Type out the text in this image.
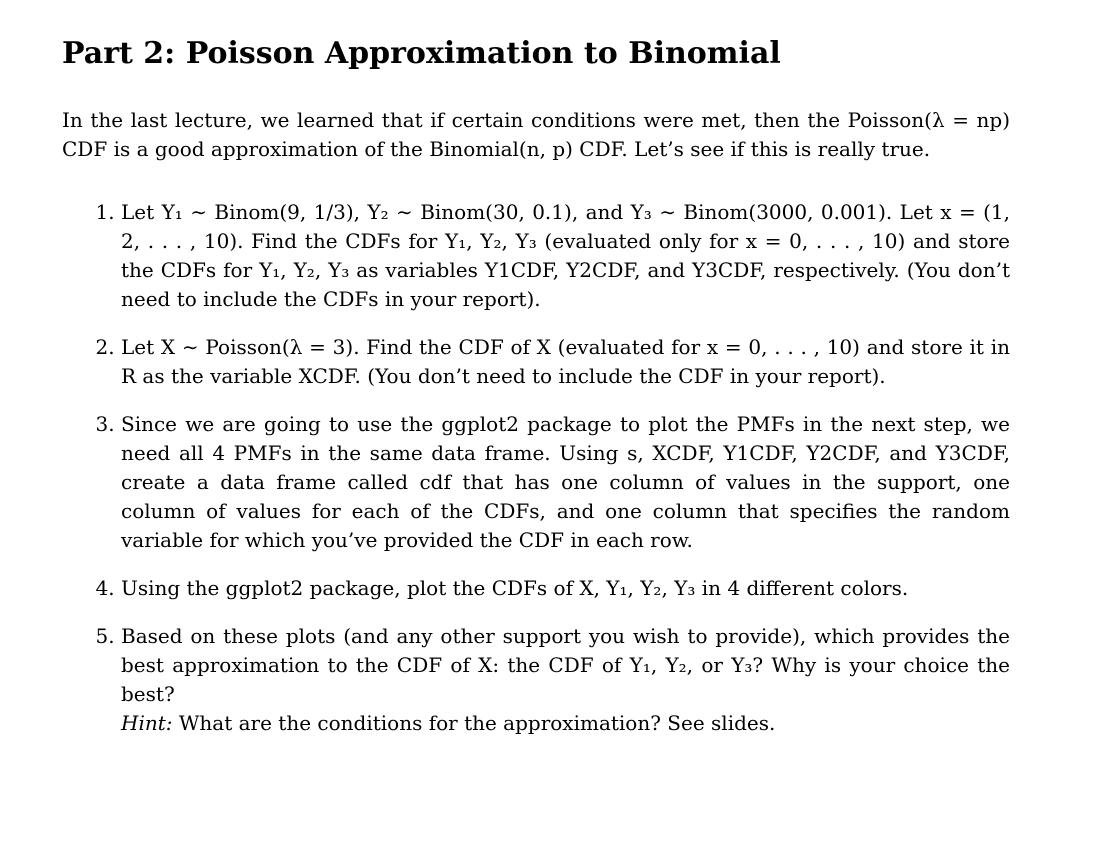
Part 2: Poisson Approximation to Binomial

In the last lecture, we learned that if certain conditions were met, then the Poisson(λ = np) CDF is a good approximation of the Binomial(n, p) CDF. Let’s see if this is really true.

1. Let Y₁ ∼ Binom(9, 1/3), Y₂ ∼ Binom(30, 0.1), and Y₃ ∼ Binom(3000, 0.001). Let x = (1, 2, . . . , 10). Find the CDFs for Y₁, Y₂, Y₃ (evaluated only for x = 0, . . . , 10) and store the CDFs for Y₁, Y₂, Y₃ as variables Y1CDF, Y2CDF, and Y3CDF, respectively. (You don’t need to include the CDFs in your report).
2. Let X ∼ Poisson(λ = 3). Find the CDF of X (evaluated for x = 0, . . . , 10) and store it in R as the variable XCDF. (You don’t need to include the CDF in your report).
3. Since we are going to use the ggplot2 package to plot the PMFs in the next step, we need all 4 PMFs in the same data frame. Using s, XCDF, Y1CDF, Y2CDF, and Y3CDF, create a data frame called cdf that has one column of values in the support, one column of values for each of the CDFs, and one column that specifies the random variable for which you’ve provided the CDF in each row.
4. Using the ggplot2 package, plot the CDFs of X, Y₁, Y₂, Y₃ in 4 different colors.
5. Based on these plots (and any other support you wish to provide), which provides the best approximation to the CDF of X: the CDF of Y₁, Y₂, or Y₃? Why is your choice the best?
Hint: What are the conditions for the approximation? See slides.
